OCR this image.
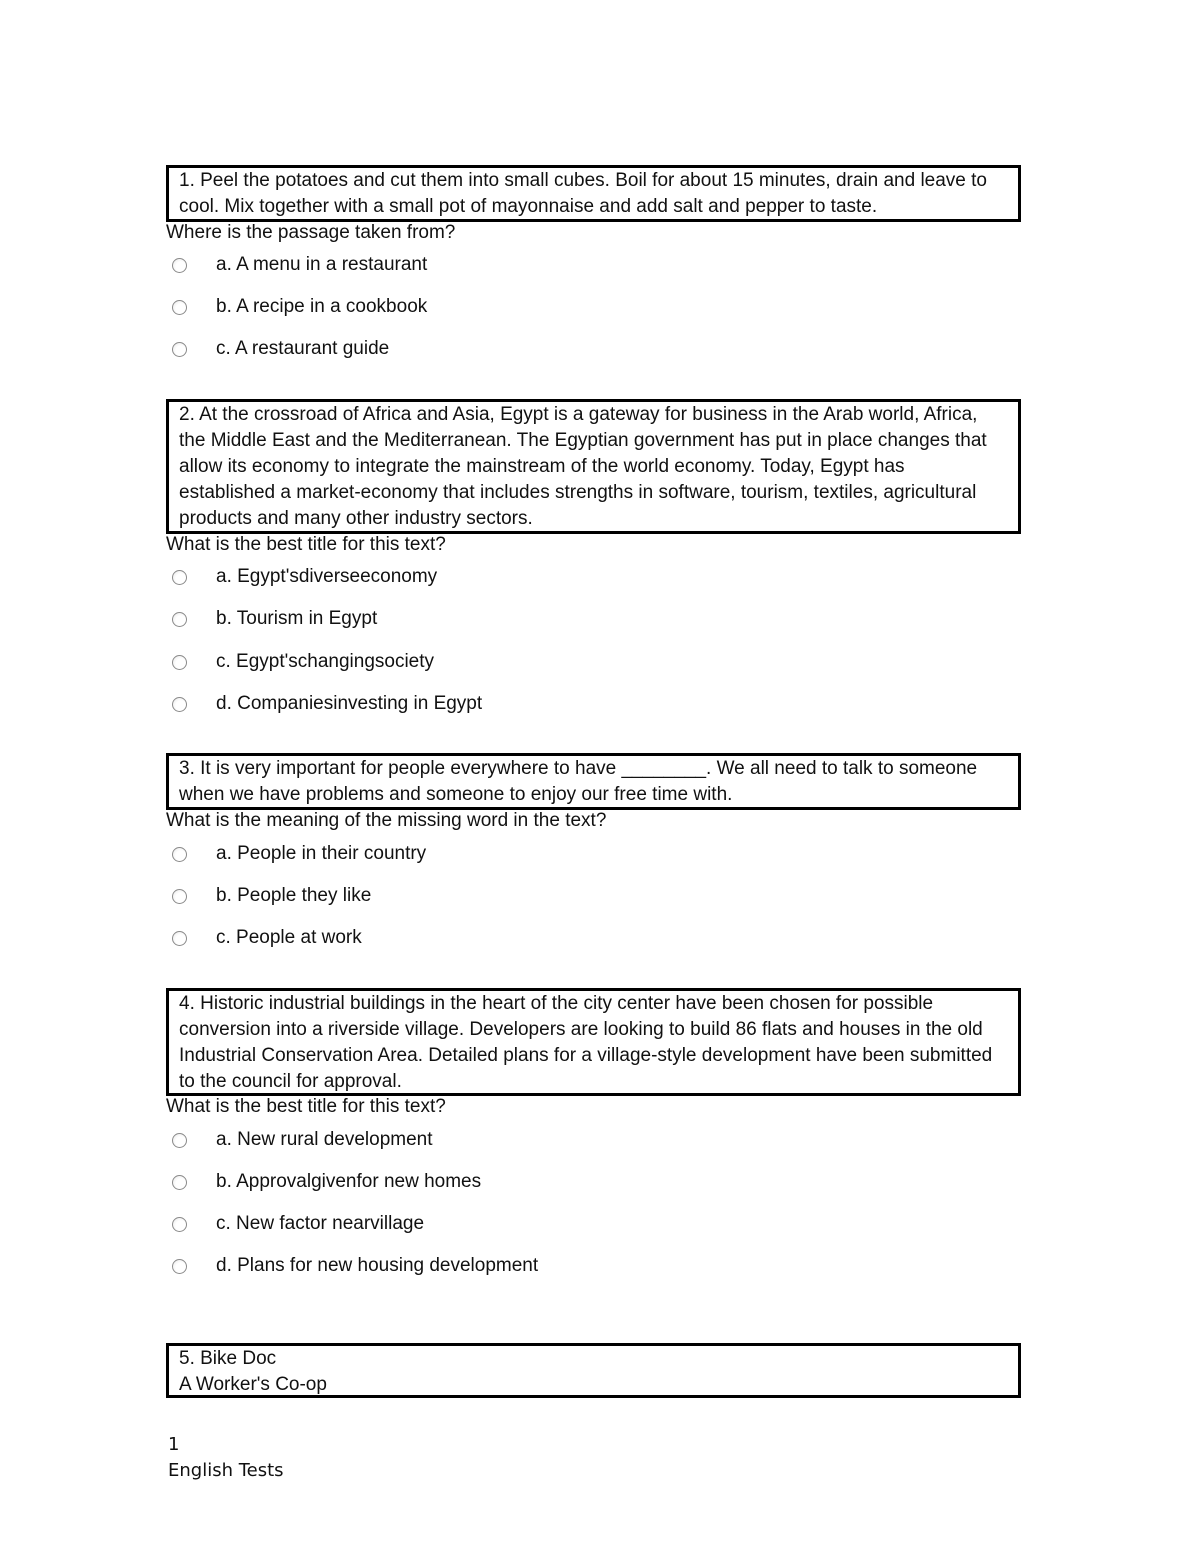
1. Peel the potatoes and cut them into small cubes. Boil for about 15 minutes, drain and leave to

cool. Mix together with a small pot of mayonnaise and add salt and pepper to taste.

Where is the passage taken from?
a. A menu in a restaurant
b. A recipe in a cookbook
c. A restaurant guide

2. At the crossroad of Africa and Asia, Egypt is a gateway for business in the Arab world, Africa,

the Middle East and the Mediterranean. The Egyptian government has put in place changes that

allow its economy to integrate the mainstream of the world economy. Today, Egypt has

established a market-economy that includes strengths in software, tourism, textiles, agricultural

products and many other industry sectors.

What is the best title for this text?
a. Egypt'sdiverseeconomy
b. Tourism in Egypt
c. Egypt'schangingsociety
d. Companiesinvesting in Egypt

3. It is very important for people everywhere to have ________. We all need to talk to someone

when we have problems and someone to enjoy our free time with.

What is the meaning of the missing word in the text?
a. People in their country
b. People they like
c. People at work

4. Historic industrial buildings in the heart of the city center have been chosen for possible

conversion into a riverside village. Developers are looking to build 86 flats and houses in the old

Industrial Conservation Area. Detailed plans for a village-style development have been submitted

to the council for approval.

What is the best title for this text?
a. New rural development
b. Approvalgivenfor new homes
c. New factor nearvillage
d. Plans for new housing development

5. Bike Doc

A Worker's Co-op

1
English Tests
